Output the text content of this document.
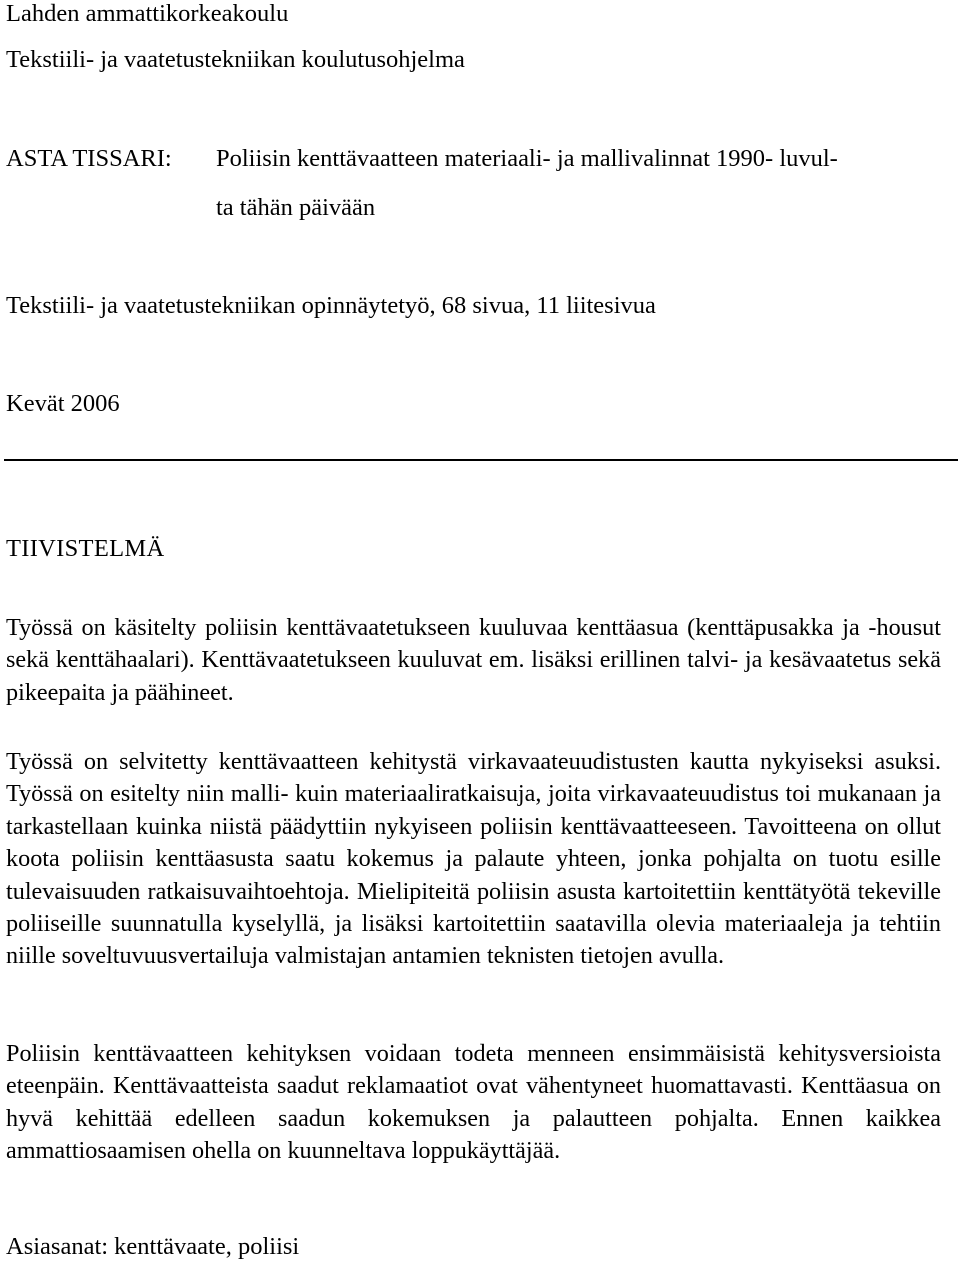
Lahden ammattikorkeakoulu
Tekstiili- ja vaatetustekniikan koulutusohjelma
ASTA TISSARI: Poliisin kenttävaatteen materiaali- ja mallivalinnat 1990- luvul-
ta tähän päivään
Tekstiili- ja vaatetustekniikan opinnäytetyö, 68 sivua, 11 liitesivua
Kevät 2006
TIIVISTELMÄ

Työssä on käsitelty poliisin kenttävaatetukseen kuuluvaa kenttäasua (kenttäpusakka ja -housut sekä kenttähaalari). Kenttävaatetukseen kuuluvat em. lisäksi erillinen talvi- ja kesävaatetus sekä pikeepaita ja päähineet.

Työssä on selvitetty kenttävaatteen kehitystä virkavaateuudistusten kautta nykyiseksi asuksi. Työssä on esitelty niin malli- kuin materiaaliratkaisuja, joita virkavaateuudistus toi mukanaan ja tarkastellaan kuinka niistä päädyttiin nykyiseen poliisin kenttävaatteeseen. Tavoitteena on ollut koota poliisin kenttäasusta saatu kokemus ja palaute yhteen, jonka pohjalta on tuotu esille tulevaisuuden ratkaisuvaihtoehtoja. Mielipiteitä poliisin asusta kartoitettiin kenttätyötä tekeville poliiseille suunnatulla kyselyllä, ja lisäksi kartoitettiin saatavilla olevia materiaaleja ja tehtiin niille soveltuvuusvertailuja valmistajan antamien teknisten tietojen avulla.

Poliisin kenttävaatteen kehityksen voidaan todeta menneen ensimmäisistä kehitysversioista eteenpäin. Kenttävaatteista saadut reklamaatiot ovat vähentyneet huomattavasti. Kenttäasua on hyvä kehittää edelleen saadun kokemuksen ja palautteen pohjalta. Ennen kaikkea ammattiosaamisen ohella on kuunneltava loppukäyttäjää.

Asiasanat: kenttävaate, poliisi
